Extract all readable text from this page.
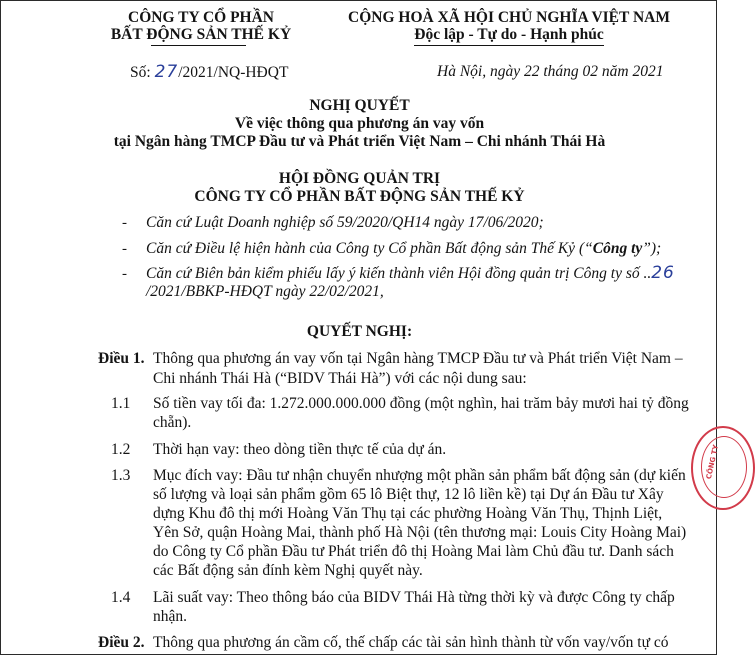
CÔNG TY CỔ PHẦN
BẤT ĐỘNG SẢN THẾ KỶ
CỘNG HOÀ XÃ HỘI CHỦ NGHĨA VIỆT NAM
Độc lập - Tự do - Hạnh phúc
Số: 27/2021/NQ-HĐQT	Hà Nội, ngày 22 tháng 02 năm 2021
NGHỊ QUYẾT
Về việc thông qua phương án vay vốn
tại Ngân hàng TMCP Đầu tư và Phát triển Việt Nam – Chi nhánh Thái Hà
HỘI ĐỒNG QUẢN TRỊ
CÔNG TY CỔ PHẦN BẤT ĐỘNG SẢN THẾ KỶ
- Căn cứ Luật Doanh nghiệp số 59/2020/QH14 ngày 17/06/2020;
- Căn cứ Điều lệ hiện hành của Công ty Cổ phần Bất động sản Thế Kỷ (“Công ty”);
- Căn cứ Biên bản kiểm phiếu lấy ý kiến thành viên Hội đồng quản trị Công ty số ..26
/2021/BBKP-HĐQT ngày 22/02/2021,
QUYẾT NGHỊ:
Điều 1. Thông qua phương án vay vốn tại Ngân hàng TMCP Đầu tư và Phát triển Việt Nam –
Chi nhánh Thái Hà (“BIDV Thái Hà”) với các nội dung sau:
1.1 Số tiền vay tối đa: 1.272.000.000.000 đồng (một nghìn, hai trăm bảy mươi hai tỷ đồng
chẵn).
1.2 Thời hạn vay: theo dòng tiền thực tế của dự án.
1.3 Mục đích vay: Đầu tư nhận chuyển nhượng một phần sản phẩm bất động sản (dự kiến
số lượng và loại sản phẩm gồm 65 lô Biệt thự, 12 lô liền kề) tại Dự án Đầu tư Xây
dựng Khu đô thị mới Hoàng Văn Thụ tại các phường Hoàng Văn Thụ, Thịnh Liệt,
Yên Sở, quận Hoàng Mai, thành phố Hà Nội (tên thương mại: Louis City Hoàng Mai)
do Công ty Cổ phần Đầu tư Phát triển đô thị Hoàng Mai làm Chủ đầu tư. Danh sách
các Bất động sản đính kèm Nghị quyết này.
1.4 Lãi suất vay: Theo thông báo của BIDV Thái Hà từng thời kỳ và được Công ty chấp
nhận.
Điều 2. Thông qua phương án cầm cố, thế chấp các tài sản hình thành từ vốn vay/vốn tự có
CÔNG TY
